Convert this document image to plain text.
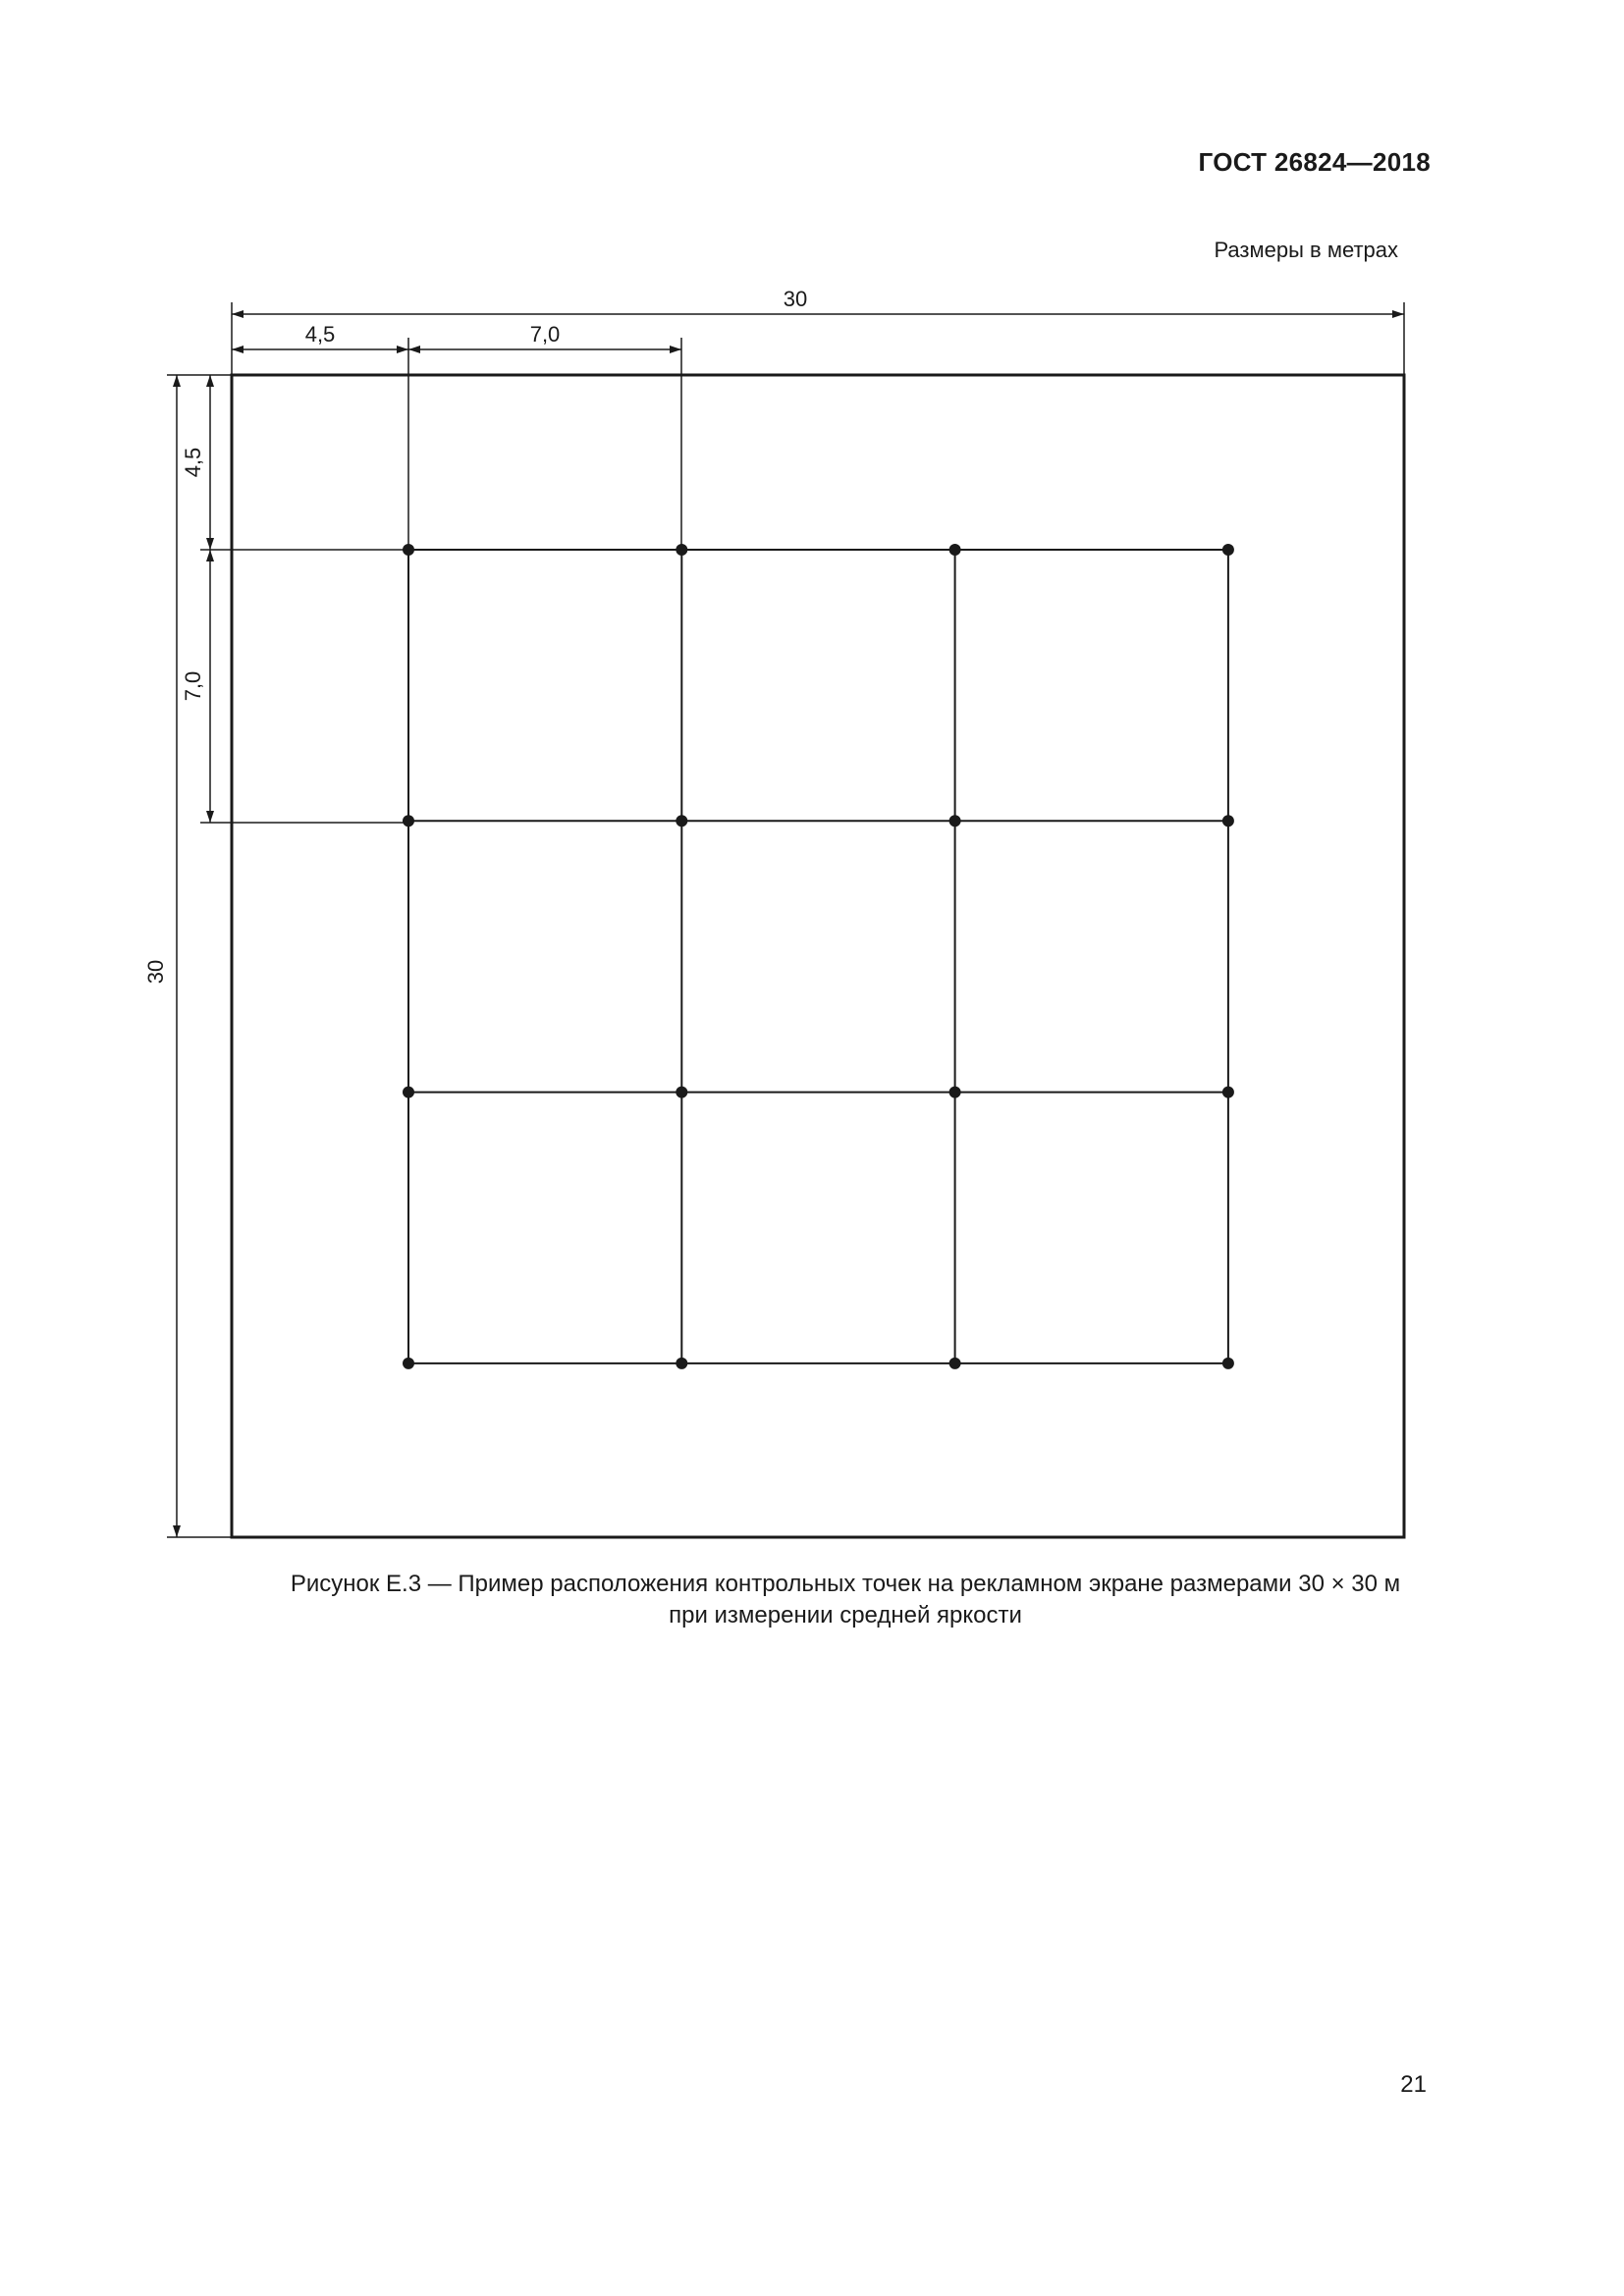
ГОСТ 26824—2018
Размеры в метрах
30
4,5	7,0
30
4,5
7,0
Рисунок Е.3 — Пример расположения контрольных точек на рекламном экране размерами 30 × 30 м
при измерении средней яркости
21
